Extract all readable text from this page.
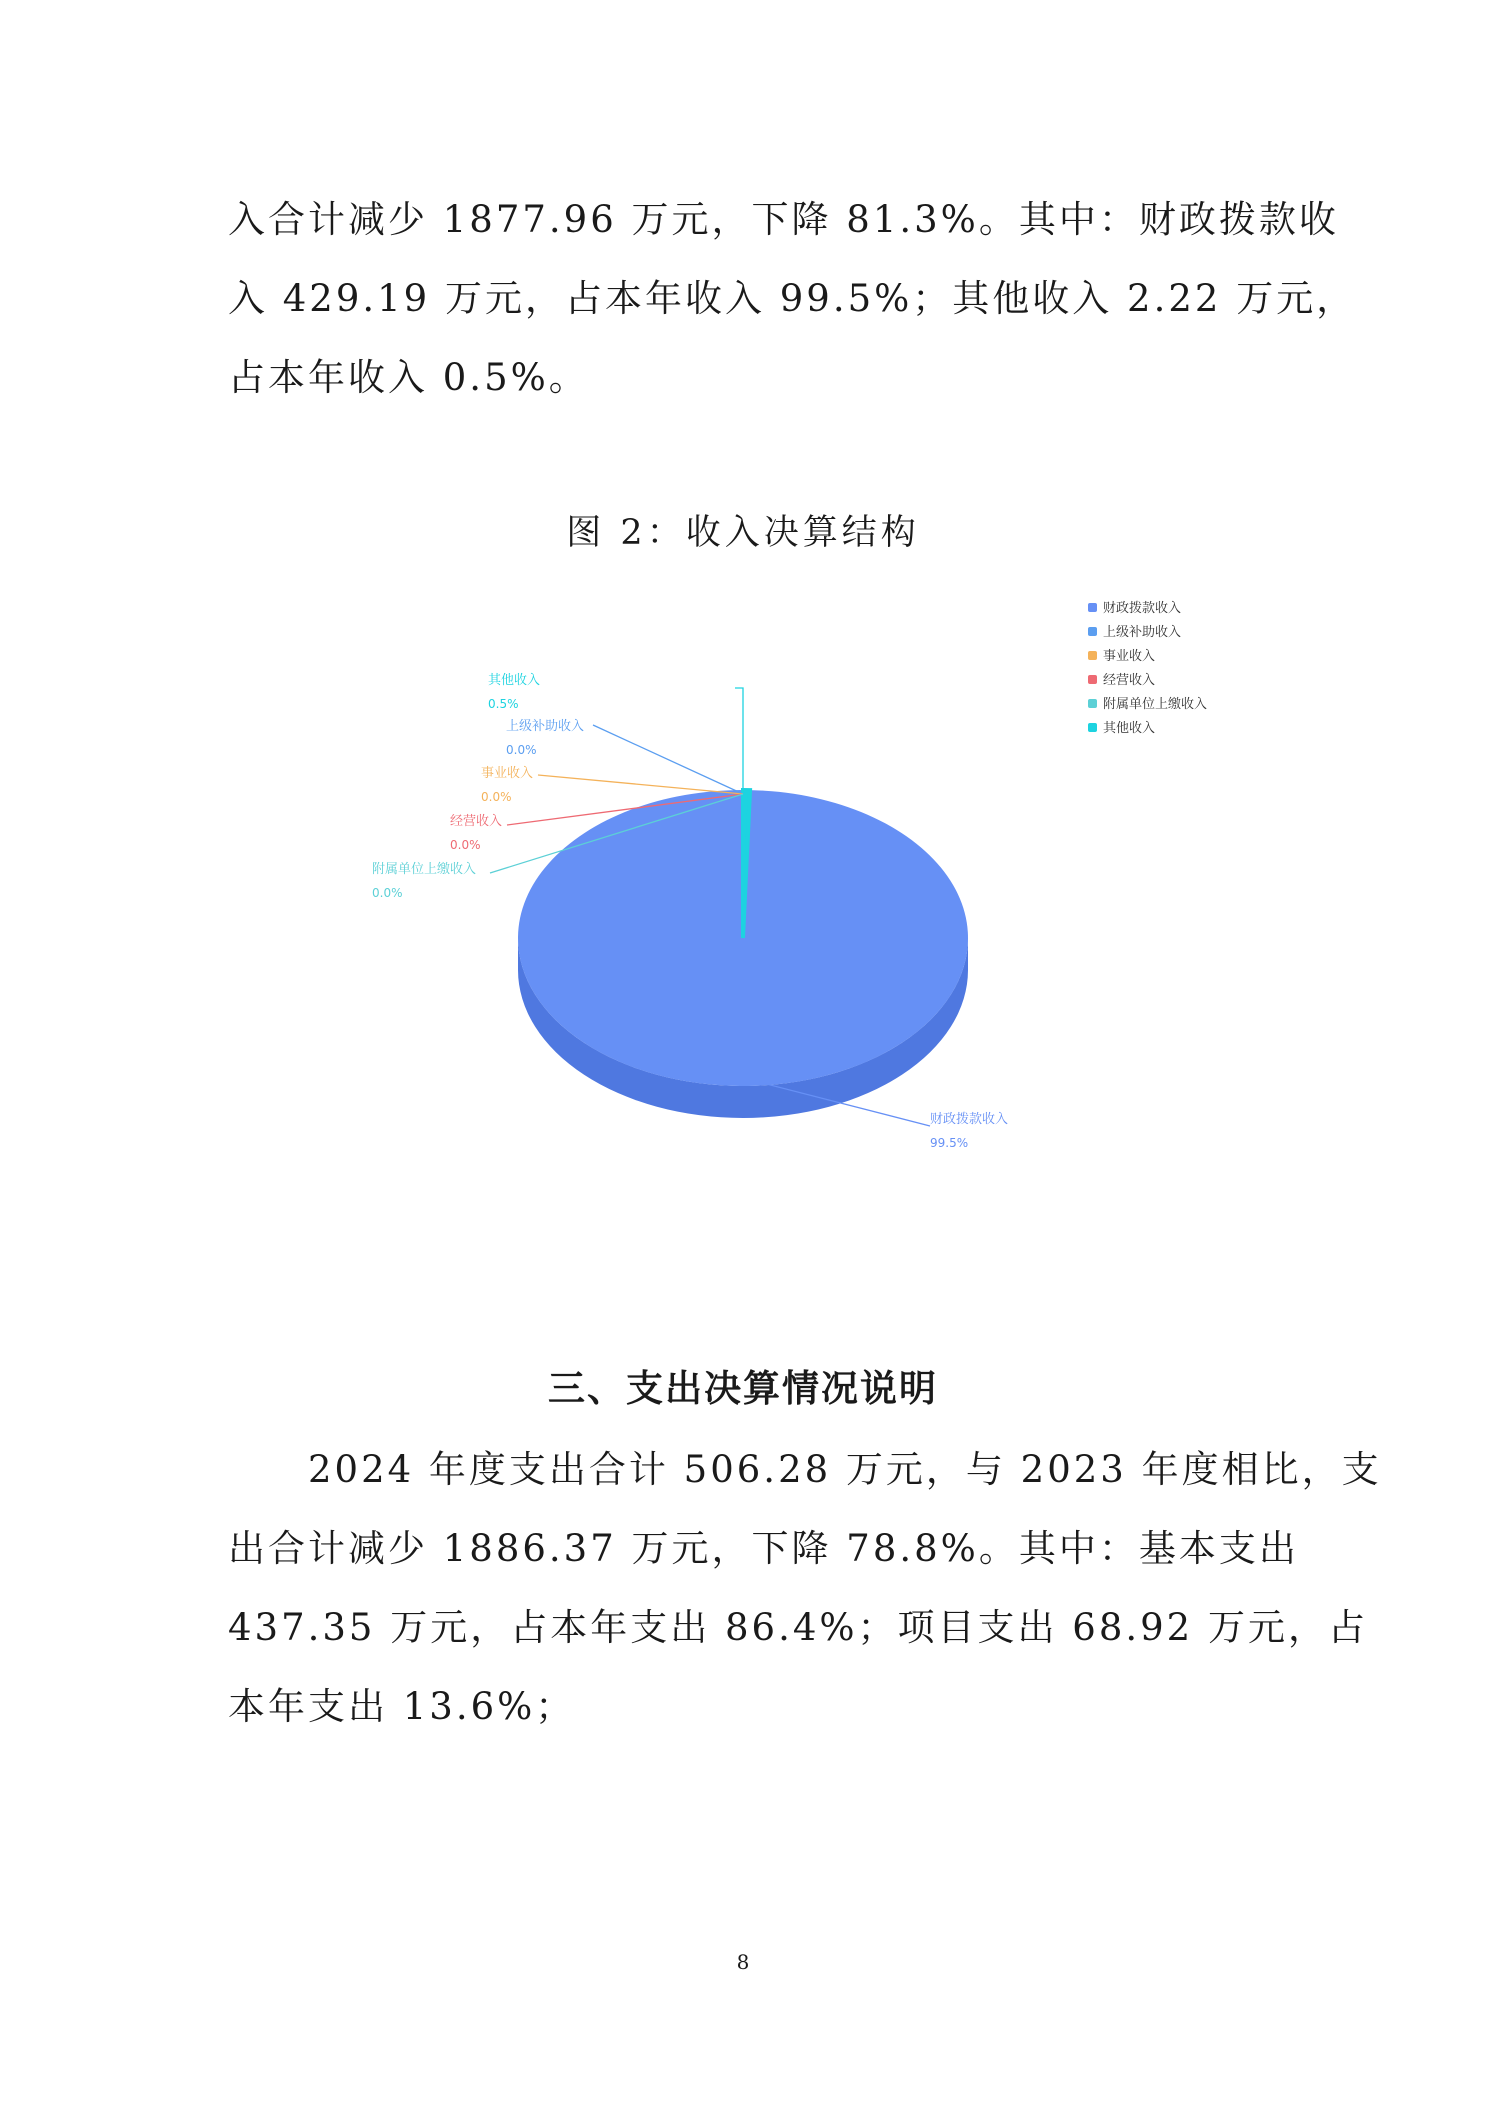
入合计减少 1877.96 万元，下降 81.3%。其中：财政拨款收
入 429.19 万元，占本年收入 99.5%；其他收入 2.22 万元，
占本年收入 0.5%。

图 2：收入决算结构
财政拨款收入
上级补助收入
事业收入
经营收入
附属单位上缴收入
其他收入
其他收入
0.5%
上级补助收入
0.0%
事业收入
0.0%
经营收入
0.0%
附属单位上缴收入
0.0%
财政拨款收入
99.5%
三、支出决算情况说明

　　2024 年度支出合计 506.28 万元，与 2023 年度相比，支
出合计减少 1886.37 万元，下降 78.8%。其中：基本支出
437.35 万元，占本年支出 86.4%；项目支出 68.92 万元，占
本年支出 13.6%；

8
